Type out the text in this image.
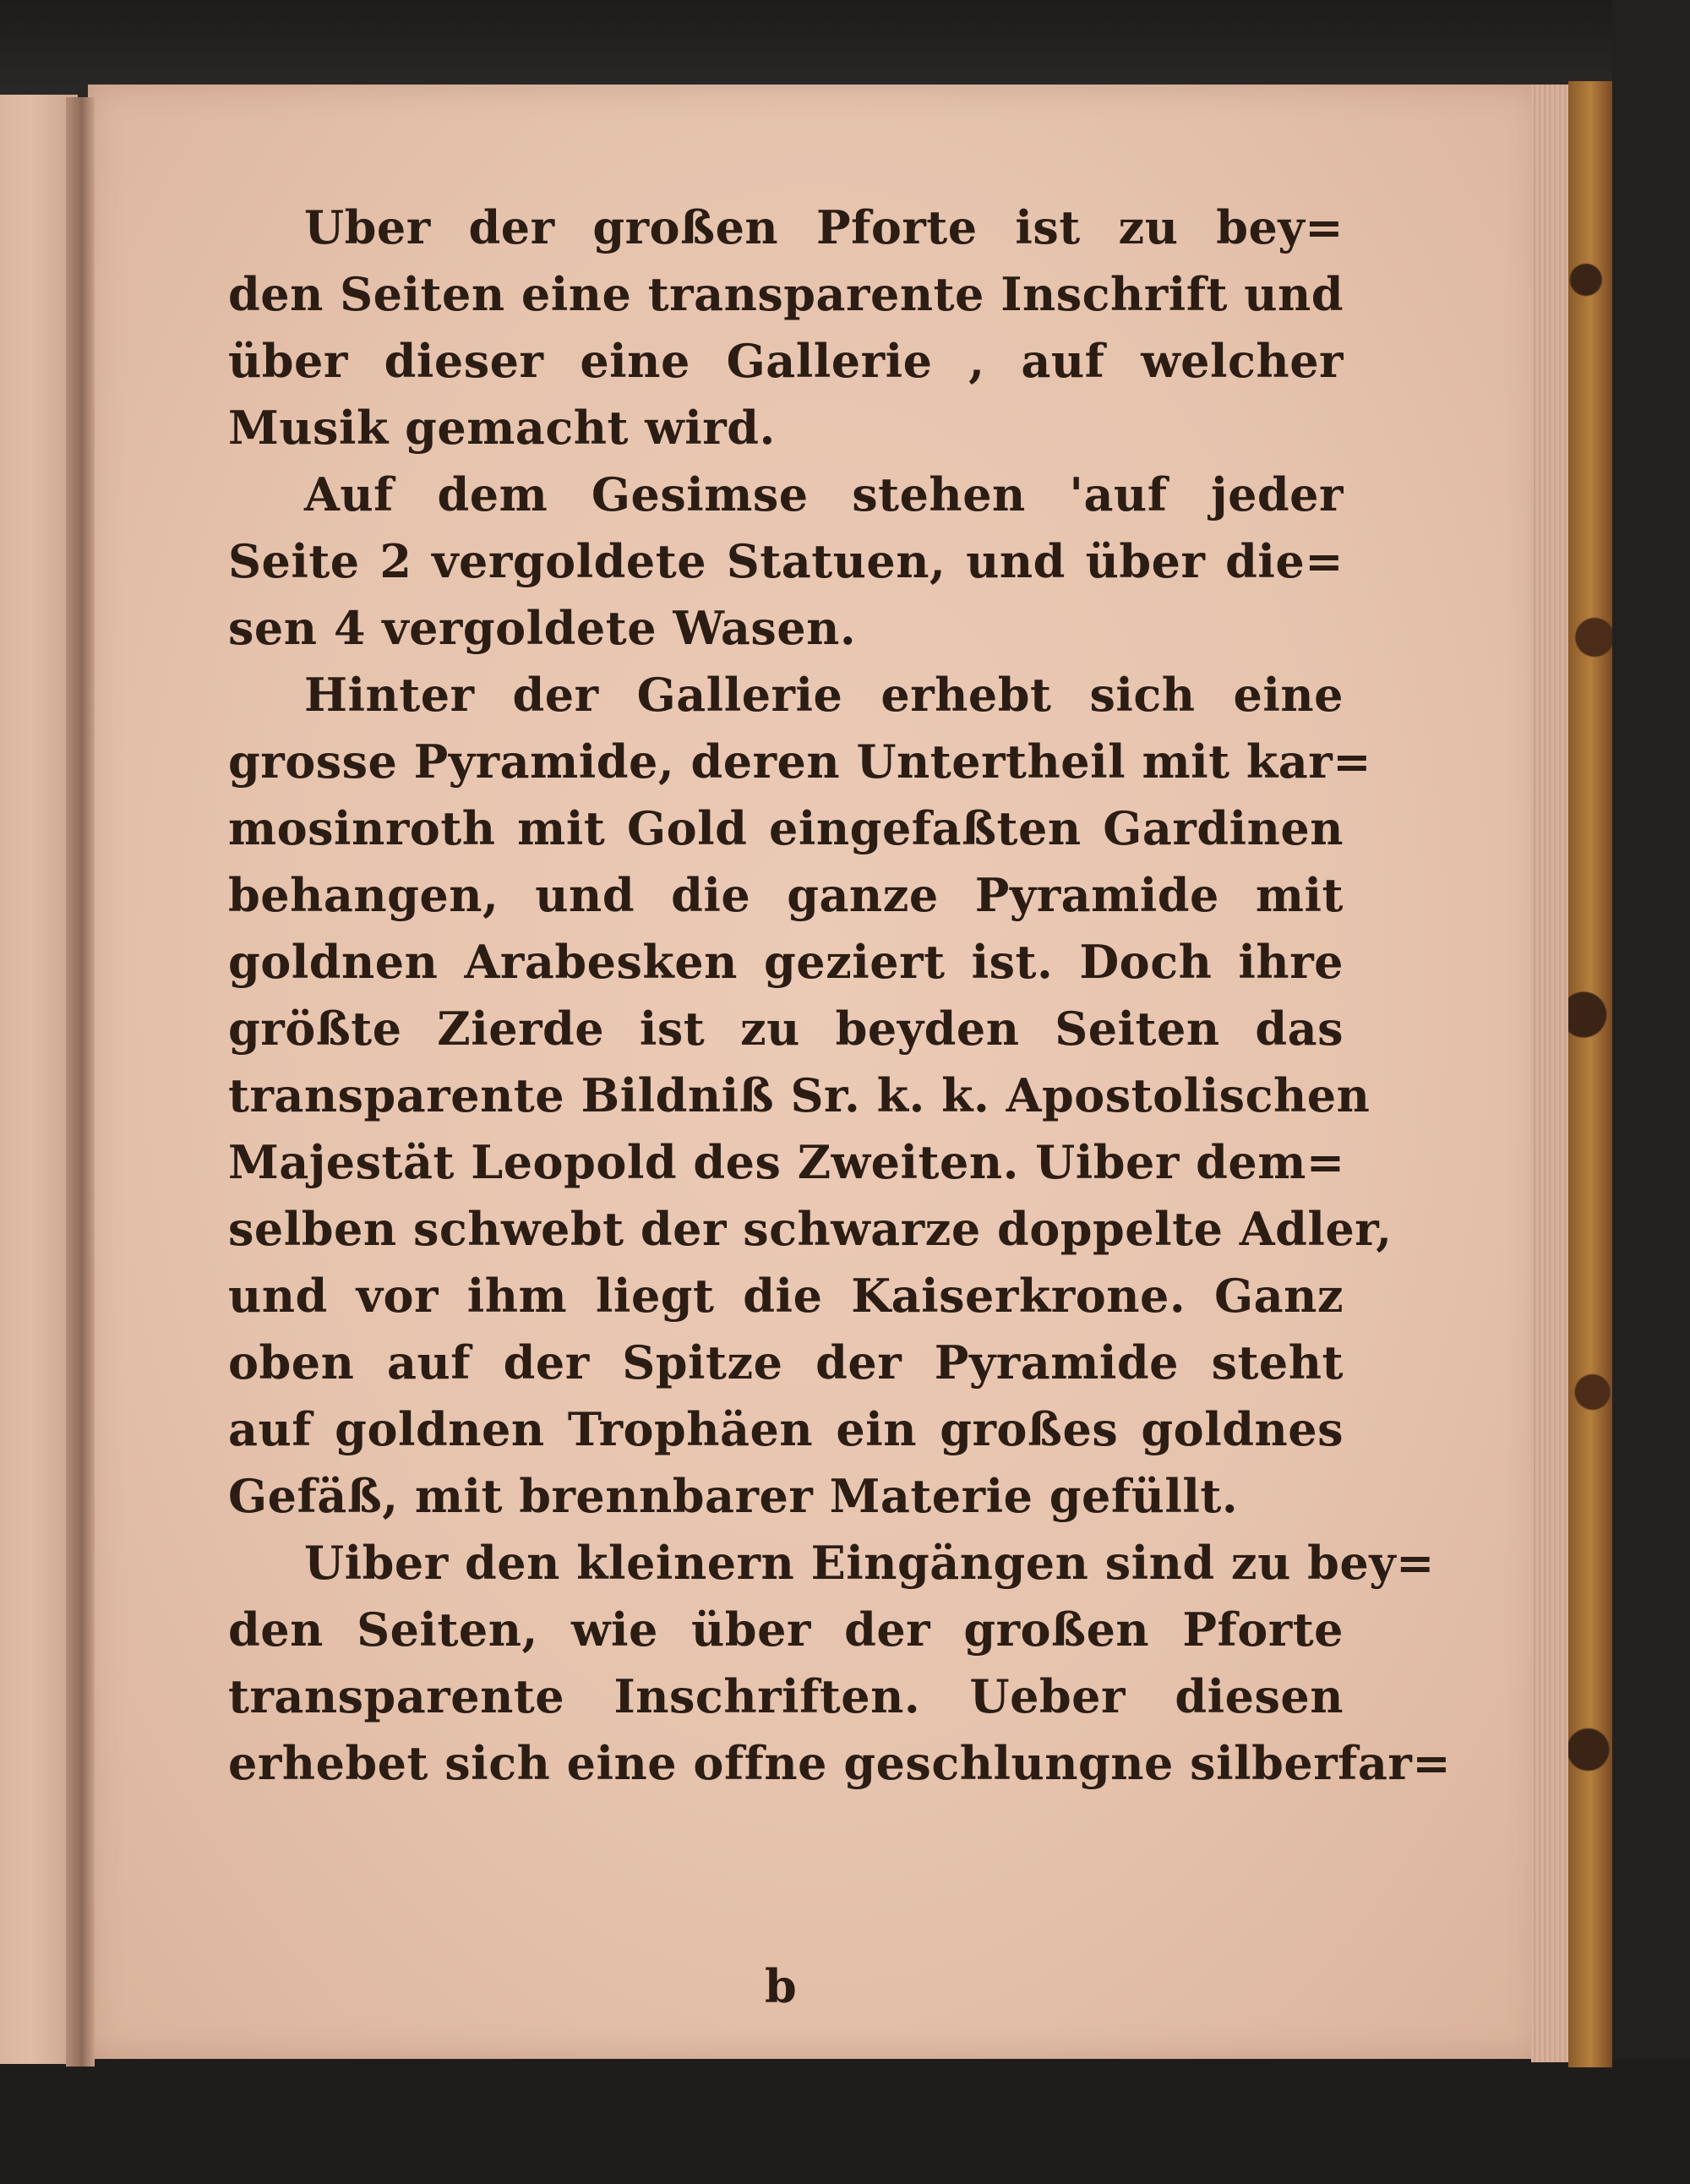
Uber der großen Pforte ist zu bey=
den Seiten eine transparente Inschrift und
über dieser eine Gallerie , auf welcher
Musik gemacht wird.
Auf dem Gesimse stehen 'auf jeder
Seite 2 vergoldete Statuen, und über die=
sen 4 vergoldete Wasen.
Hinter der Gallerie erhebt sich eine
grosse Pyramide, deren Untertheil mit kar=
mosinroth mit Gold eingefaßten Gardinen
behangen, und die ganze Pyramide mit
goldnen Arabesken geziert ist. Doch ihre
größte Zierde ist zu beyden Seiten das
transparente Bildniß Sr. k. k. Apostolischen
Majestät Leopold des Zweiten. Uiber dem=
selben schwebt der schwarze doppelte Adler,
und vor ihm liegt die Kaiserkrone. Ganz
oben auf der Spitze der Pyramide steht
auf goldnen Trophäen ein großes goldnes
Gefäß, mit brennbarer Materie gefüllt.
Uiber den kleinern Eingängen sind zu bey=
den Seiten, wie über der großen Pforte
transparente Inschriften. Ueber diesen
erhebet sich eine offne geschlungne silberfar=
b
